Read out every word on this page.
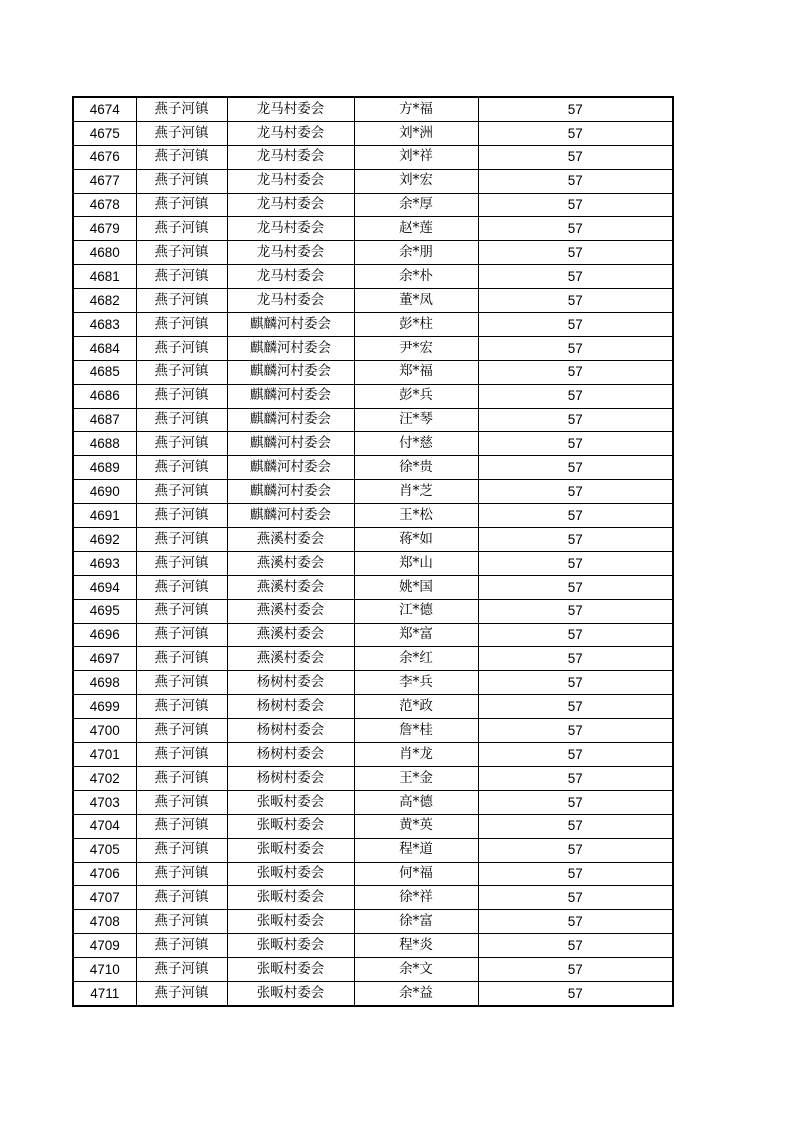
4674	燕子河镇	龙马村委会	方*福	57
4675	燕子河镇	龙马村委会	刘*洲	57
4676	燕子河镇	龙马村委会	刘*祥	57
4677	燕子河镇	龙马村委会	刘*宏	57
4678	燕子河镇	龙马村委会	余*厚	57
4679	燕子河镇	龙马村委会	赵*莲	57
4680	燕子河镇	龙马村委会	余*朋	57
4681	燕子河镇	龙马村委会	余*朴	57
4682	燕子河镇	龙马村委会	董*凤	57
4683	燕子河镇	麒麟河村委会	彭*柱	57
4684	燕子河镇	麒麟河村委会	尹*宏	57
4685	燕子河镇	麒麟河村委会	郑*福	57
4686	燕子河镇	麒麟河村委会	彭*兵	57
4687	燕子河镇	麒麟河村委会	汪*琴	57
4688	燕子河镇	麒麟河村委会	付*慈	57
4689	燕子河镇	麒麟河村委会	徐*贵	57
4690	燕子河镇	麒麟河村委会	肖*芝	57
4691	燕子河镇	麒麟河村委会	王*松	57
4692	燕子河镇	燕溪村委会	蒋*如	57
4693	燕子河镇	燕溪村委会	郑*山	57
4694	燕子河镇	燕溪村委会	姚*国	57
4695	燕子河镇	燕溪村委会	江*德	57
4696	燕子河镇	燕溪村委会	郑*富	57
4697	燕子河镇	燕溪村委会	余*红	57
4698	燕子河镇	杨树村委会	李*兵	57
4699	燕子河镇	杨树村委会	范*政	57
4700	燕子河镇	杨树村委会	詹*桂	57
4701	燕子河镇	杨树村委会	肖*龙	57
4702	燕子河镇	杨树村委会	王*金	57
4703	燕子河镇	张畈村委会	高*德	57
4704	燕子河镇	张畈村委会	黄*英	57
4705	燕子河镇	张畈村委会	程*道	57
4706	燕子河镇	张畈村委会	何*福	57
4707	燕子河镇	张畈村委会	徐*祥	57
4708	燕子河镇	张畈村委会	徐*富	57
4709	燕子河镇	张畈村委会	程*炎	57
4710	燕子河镇	张畈村委会	余*文	57
4711	燕子河镇	张畈村委会	余*益	57
